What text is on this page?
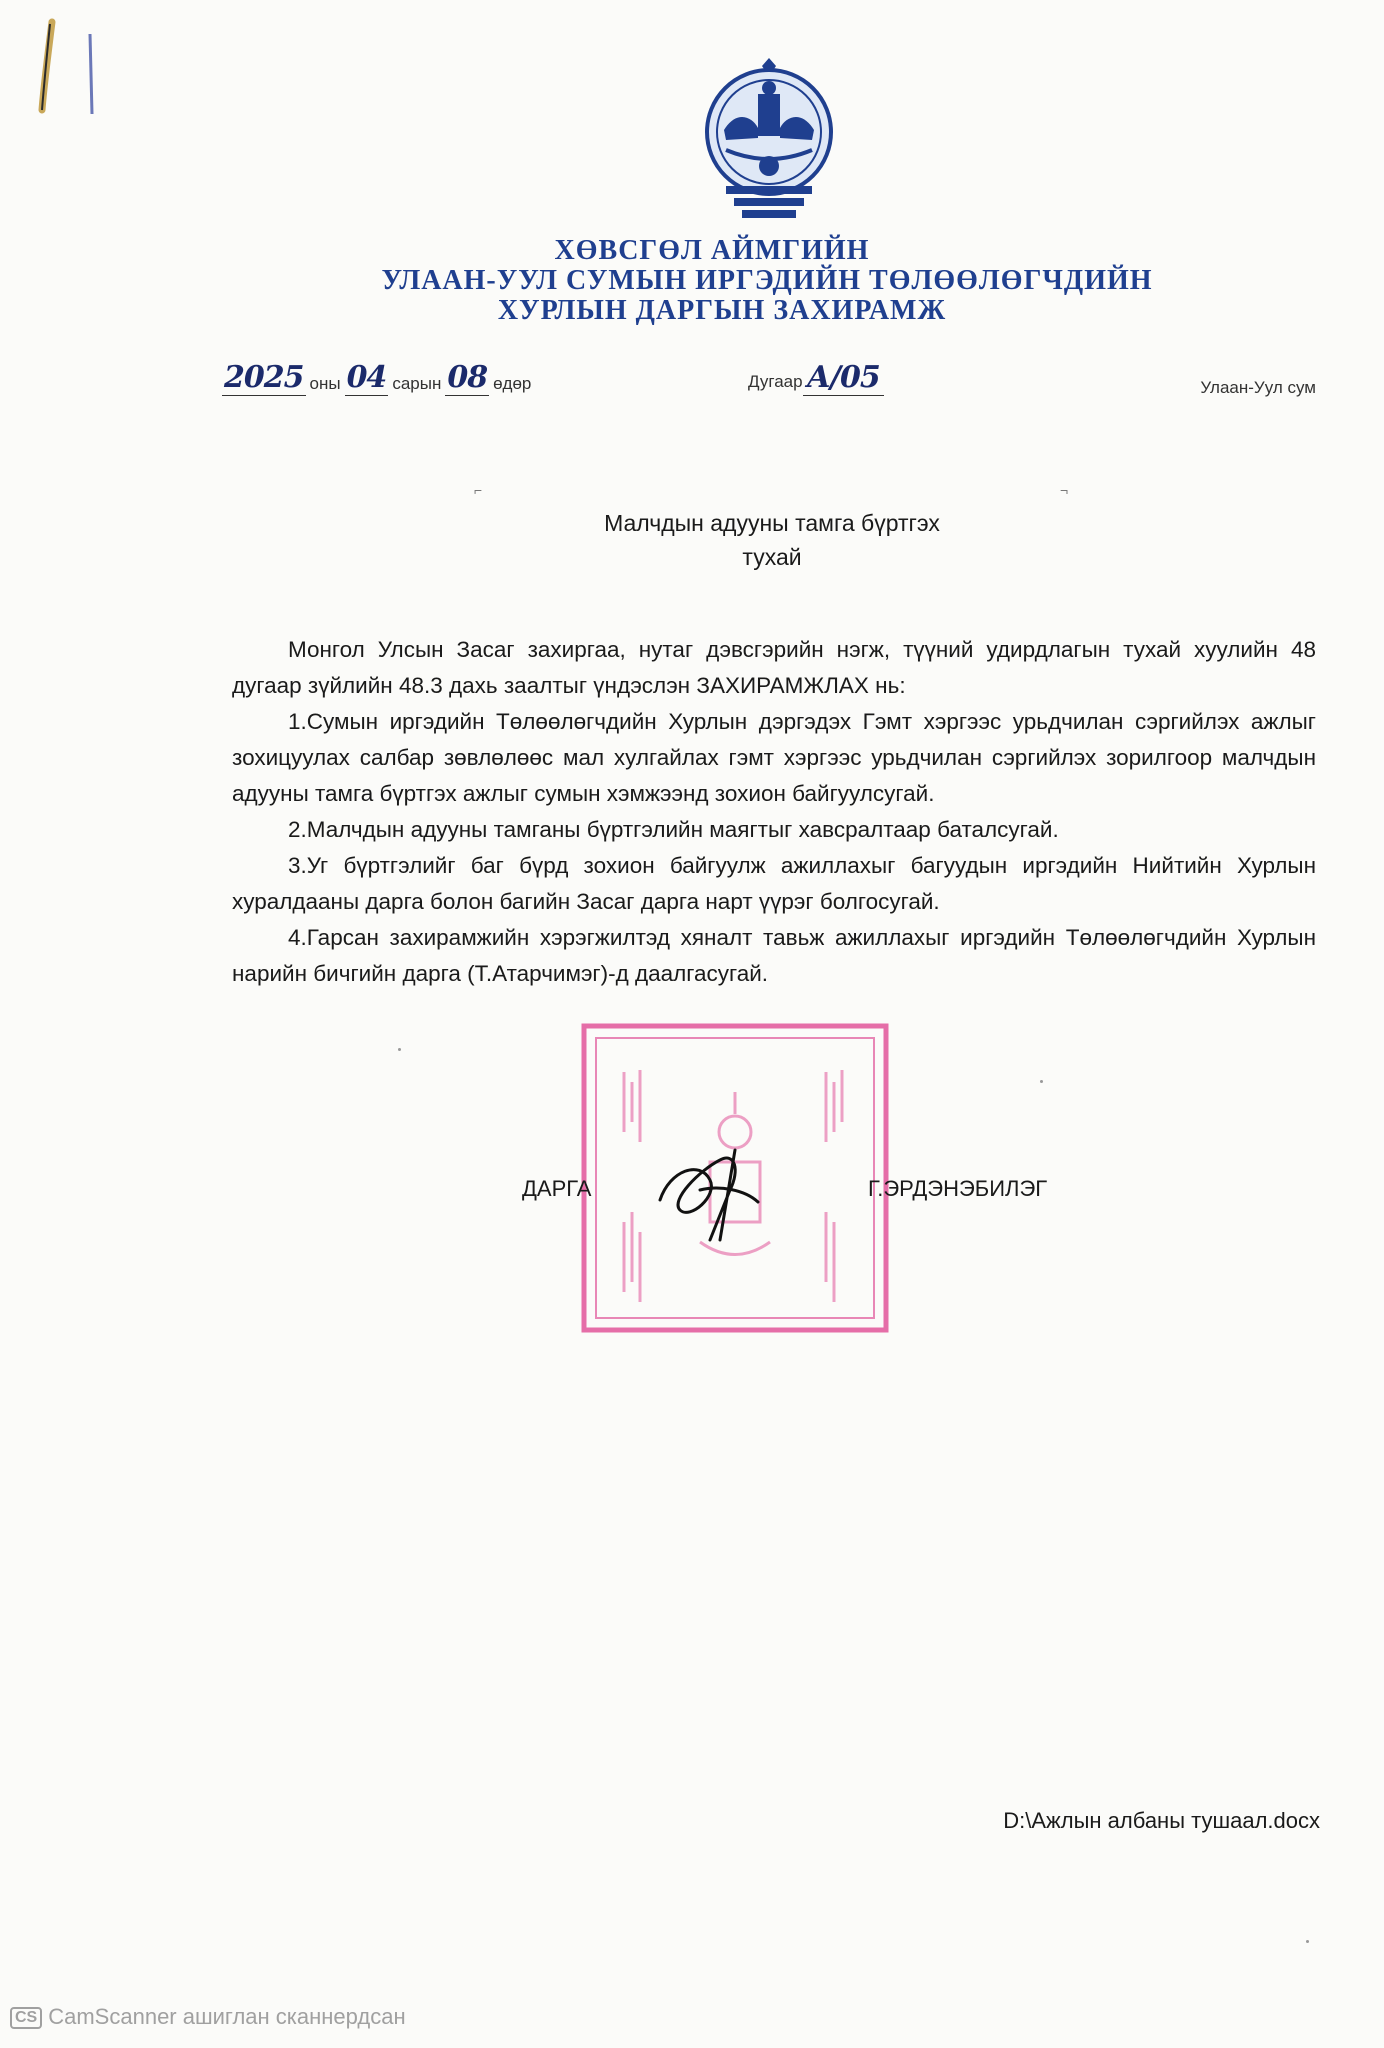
ХӨВСГӨЛ АЙМГИЙН
УЛААН-УУЛ СУМЫН ИРГЭДИЙН ТӨЛӨӨЛӨГЧДИЙН
ХУРЛЫН ДАРГЫН ЗАХИРАМЖ
2025 оны 04 сарын 08 өдөр	Дугаар А/05	Улаан-Уул сум
⌐	¬
Малчдын адууны тамга бүртгэх
тухай

Монгол Улсын Засаг захиргаа, нутаг дэвсгэрийн нэгж, түүний удирдлагын тухай хуулийн 48 дугаар зүйлийн 48.3 дахь заалтыг үндэслэн ЗАХИРАМЖЛАХ нь:

1.Сумын иргэдийн Төлөөлөгчдийн Хурлын дэргэдэх Гэмт хэргээс урьдчилан сэргийлэх ажлыг зохицуулах салбар зөвлөлөөс мал хулгайлах гэмт хэргээс урьдчилан сэргийлэх зорилгоор малчдын адууны тамга бүртгэх ажлыг сумын хэмжээнд зохион байгуулсугай.

2.Малчдын адууны тамганы бүртгэлийн маягтыг хавсралтаар баталсугай.

3.Уг бүртгэлийг баг бүрд зохион байгуулж ажиллахыг багуудын иргэдийн Нийтийн Хурлын хуралдааны дарга болон багийн Засаг дарга нарт үүрэг болгосугай.

4.Гарсан захирамжийн хэрэгжилтэд хяналт тавьж ажиллахыг иргэдийн Төлөөлөгчдийн Хурлын нарийн бичгийн дарга (Т.Атарчимэг)-д даалгасугай.

ДАРГА	Г.ЭРДЭНЭБИЛЭГ
D:\Ажлын албаны тушаал.docx
CS CamScanner ашиглан сканнердсан
